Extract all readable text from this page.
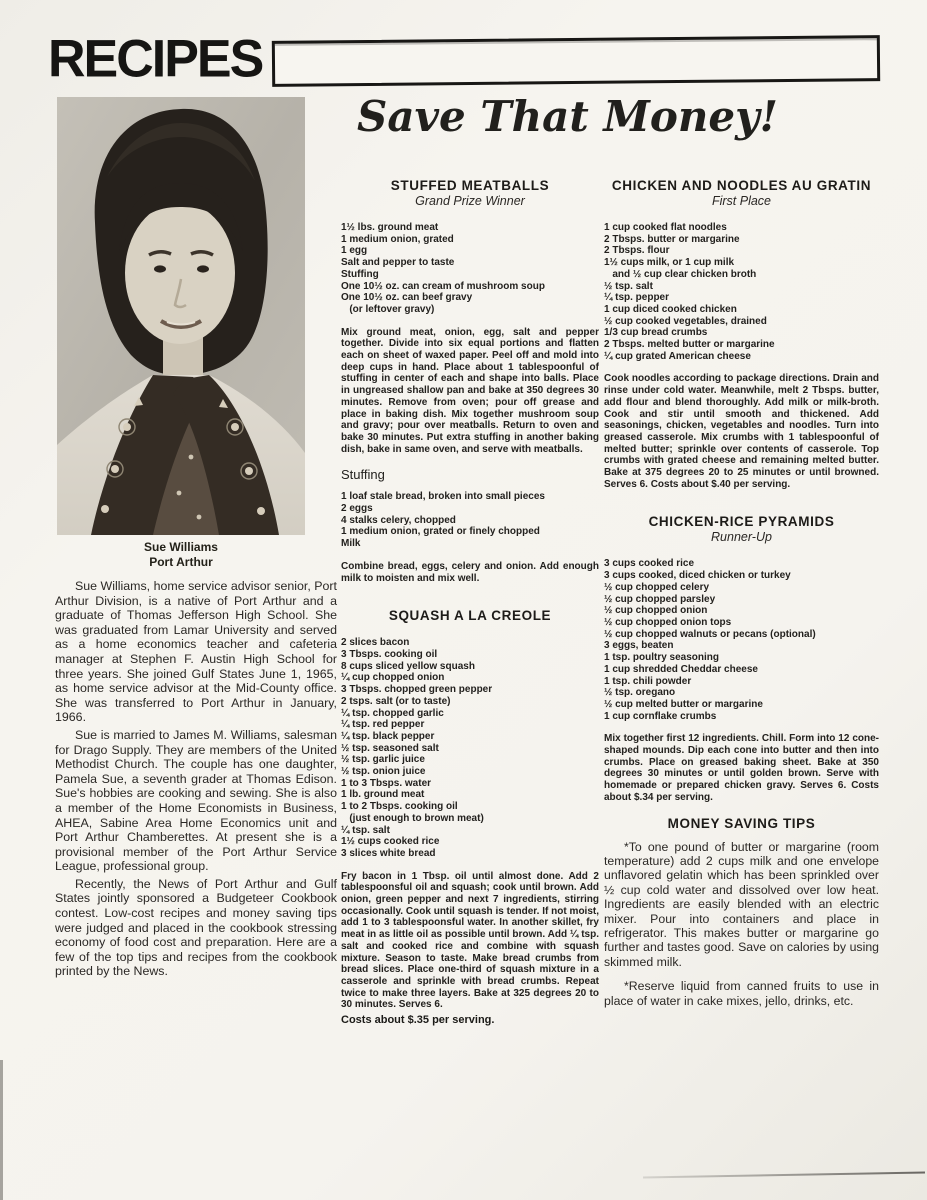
RECIPES
Save That Money!
Sue Williams
Port Arthur

Sue Williams, home service advisor senior, Port Arthur Division, is a native of Port Arthur and a graduate of Thomas Jefferson High School. She was graduated from Lamar University and served as a home economics teacher and cafeteria manager at Stephen F. Austin High School for three years. She joined Gulf States June 1, 1965, as home service advisor at the Mid-County office. She was transferred to Port Arthur in January, 1966.

Sue is married to James M. Williams, salesman for Drago Supply. They are members of the United Methodist Church. The couple has one daughter, Pamela Sue, a seventh grader at Thomas Edison. Sue's hobbies are cooking and sewing. She is also a member of the Home Economists in Business, AHEA, Sabine Area Home Economics unit and Port Arthur Chamberettes. At present she is a provisional member of the Port Arthur Service League, professional group.

Recently, the News of Port Arthur and Gulf States jointly sponsored a Budgeteer Cookbook contest. Low-cost recipes and money saving tips were judged and placed in the cookbook stressing economy of food cost and preparation. Here are a few of the top tips and recipes from the cookbook printed by the News.

STUFFED MEATBALLS
Grand Prize Winner
1½ lbs. ground meat
1 medium onion, grated
1 egg
Salt and pepper to taste
Stuffing
One 10½ oz. can cream of mushroom soup
One 10½ oz. can beef gravy
(or leftover gravy)

Mix ground meat, onion, egg, salt and pepper together. Divide into six equal portions and flatten each on sheet of waxed paper. Peel off and mold into deep cups in hand. Place about 1 tablespoonful of stuffing in center of each and shape into balls. Place in ungreased shallow pan and bake at 350 degrees 30 minutes. Remove from oven; pour off grease and place in baking dish. Mix together mushroom soup and gravy; pour over meatballs. Return to oven and bake 30 minutes. Put extra stuffing in another baking dish, bake in same oven, and serve with meatballs.

Stuffing
1 loaf stale bread, broken into small pieces
2 eggs
4 stalks celery, chopped
1 medium onion, grated or finely chopped
Milk

Combine bread, eggs, celery and onion. Add enough milk to moisten and mix well.

SQUASH A LA CREOLE
2 slices bacon
3 Tbsps. cooking oil
8 cups sliced yellow squash
¼ cup chopped onion
3 Tbsps. chopped green pepper
2 tsps. salt (or to taste)
¼ tsp. chopped garlic
¼ tsp. red pepper
¼ tsp. black pepper
½ tsp. seasoned salt
½ tsp. garlic juice
½ tsp. onion juice
1 to 3 Tbsps. water
1 lb. ground meat
1 to 2 Tbsps. cooking oil
(just enough to brown meat)
¼ tsp. salt
1½ cups cooked rice
3 slices white bread

Fry bacon in 1 Tbsp. oil until almost done. Add 2 tablespoonsful oil and squash; cook until brown. Add onion, green pepper and next 7 ingredients, stirring occasionally. Cook until squash is tender. If not moist, add 1 to 3 tablespoonsful water. In another skillet, fry meat in as little oil as possible until brown. Add ¼ tsp. salt and cooked rice and combine with squash mixture. Season to taste. Make bread crumbs from bread slices. Place one-third of squash mixture in a casserole and sprinkle with bread crumbs. Repeat twice to make three layers. Bake at 325 degrees 20 to 30 minutes. Serves 6.

Costs about $.35 per serving.
CHICKEN AND NOODLES AU GRATIN
First Place
1 cup cooked flat noodles
2 Tbsps. butter or margarine
2 Tbsps. flour
1½ cups milk, or 1 cup milk
and ½ cup clear chicken broth
½ tsp. salt
¼ tsp. pepper
1 cup diced cooked chicken
½ cup cooked vegetables, drained
1/3 cup bread crumbs
2 Tbsps. melted butter or margarine
¼ cup grated American cheese

Cook noodles according to package directions. Drain and rinse under cold water. Meanwhile, melt 2 Tbsps. butter, add flour and blend thoroughly. Add milk or milk-broth. Cook and stir until smooth and thickened. Add seasonings, chicken, vegetables and noodles. Turn into greased casserole. Mix crumbs with 1 tablespoonful of melted butter; sprinkle over contents of casserole. Top crumbs with grated cheese and remaining melted butter. Bake at 375 degrees 20 to 25 minutes or until browned. Serves 6. Costs about $.40 per serving.

CHICKEN-RICE PYRAMIDS
Runner-Up
3 cups cooked rice
3 cups cooked, diced chicken or turkey
½ cup chopped celery
½ cup chopped parsley
½ cup chopped onion
½ cup chopped onion tops
½ cup chopped walnuts or pecans (optional)
3 eggs, beaten
1 tsp. poultry seasoning
1 cup shredded Cheddar cheese
1 tsp. chili powder
½ tsp. oregano
½ cup melted butter or margarine
1 cup cornflake crumbs

Mix together first 12 ingredients. Chill. Form into 12 cone-shaped mounds. Dip each cone into butter and then into crumbs. Place on greased baking sheet. Bake at 350 degrees 30 minutes or until golden brown. Serve with homemade or prepared chicken gravy. Serves 6. Costs about $.34 per serving.

MONEY SAVING TIPS

*To one pound of butter or margarine (room temperature) add 2 cups milk and one envelope unflavored gelatin which has been sprinkled over ½ cup cold water and dissolved over low heat. Ingredients are easily blended with an electric mixer. Pour into containers and place in refrigerator. This makes butter or margarine go further and tastes good. Save on calories by using skimmed milk.

*Reserve liquid from canned fruits to use in place of water in cake mixes, jello, drinks, etc.
